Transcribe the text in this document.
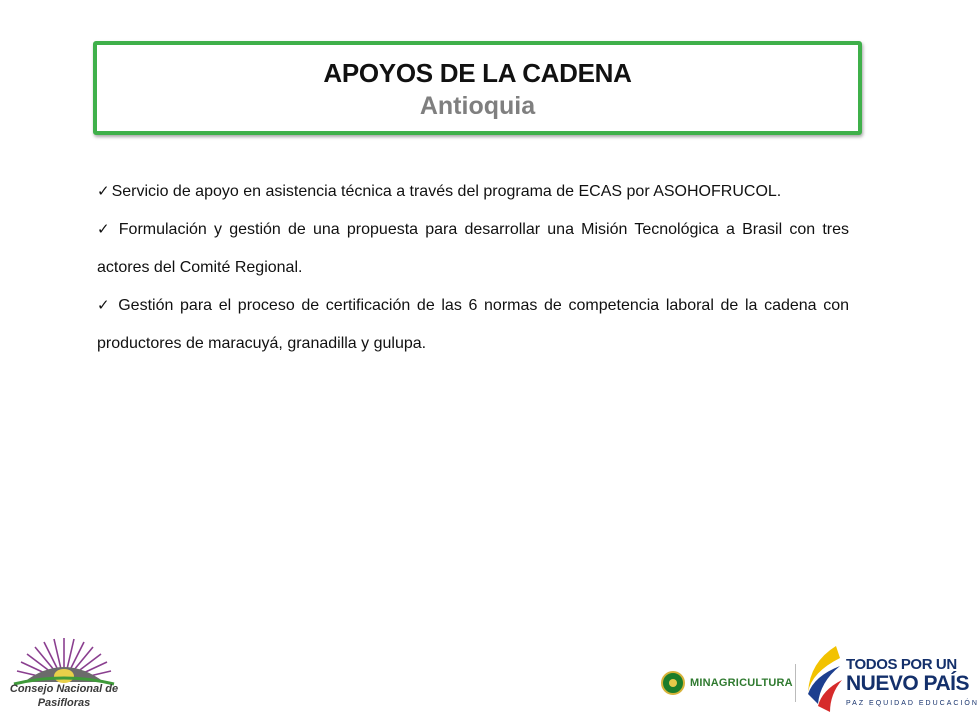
APOYOS DE LA CADENA
Antioquia
✓ Servicio de apoyo en asistencia técnica a través del programa de ECAS por ASOHOFRUCOL.
✓ Formulación y gestión de una propuesta para desarrollar una Misión Tecnológica a Brasil con tres actores del Comité Regional.
✓ Gestión para el proceso de certificación de las 6 normas de competencia laboral de la cadena con productores de maracuyá, granadilla y gulupa.
Consejo Nacional de
Pasifloras
MINAGRICULTURA
TODOS POR UN
NUEVO PAÍS
PAZ EQUIDAD EDUCACIÓN
